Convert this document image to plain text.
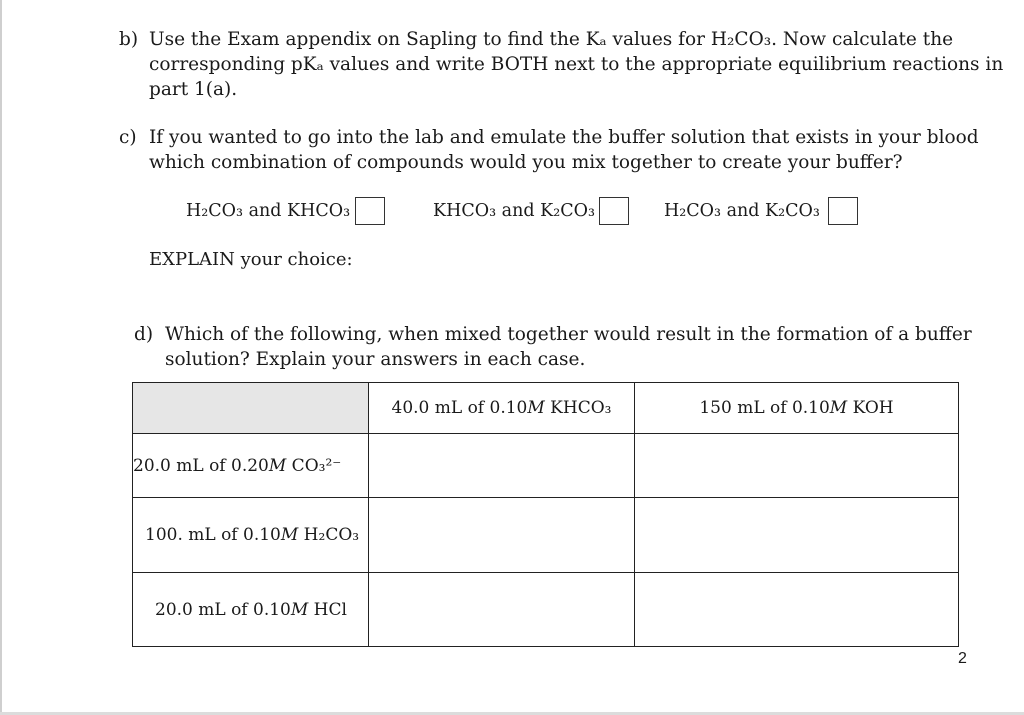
b) Use the Exam appendix on Sapling to find the Kₐ values for H₂CO₃. Now calculate the

corresponding pKₐ values and write BOTH next to the appropriate equilibrium reactions in

part 1(a).

c) If you wanted to go into the lab and emulate the buffer solution that exists in your blood

which combination of compounds would you mix together to create your buffer?

H₂CO₃ and KHCO₃	KHCO₃ and K₂CO₃	H₂CO₃ and K₂CO₃
EXPLAIN your choice:
d) Which of the following, when mixed together would result in the formation of a buffer

solution? Explain your answers in each case.

	40.0 mL of 0.10M KHCO₃	150 mL of 0.10M KOH
20.0 mL of 0.20M CO₃²⁻		
100. mL of 0.10M H₂CO₃		
20.0 mL of 0.10M HCl		
2
